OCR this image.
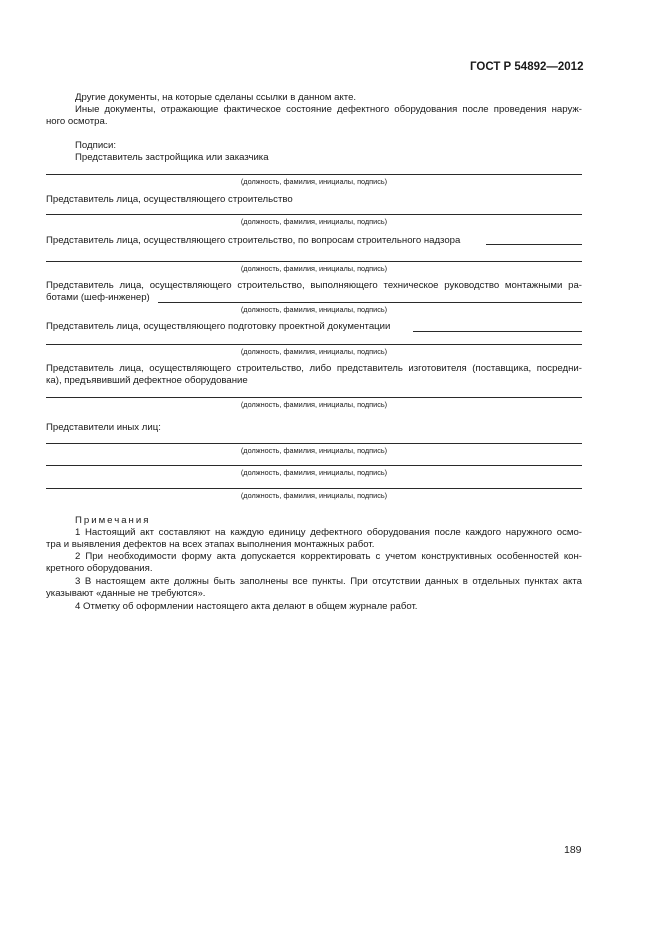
ГОСТ Р 54892—2012
Другие документы, на которые сделаны ссылки в данном акте.
Иные документы, отражающие фактическое состояние дефектного оборудования после проведения наруж-
ного осмотра.
Подписи:
Представитель застройщика или заказчика
(должность, фамилия, инициалы, подпись)
Представитель лица, осуществляющего строительство
(должность, фамилия, инициалы, подпись)
Представитель лица, осуществляющего строительство, по вопросам строительного надзора
(должность, фамилия, инициалы, подпись)
Представитель лица, осуществляющего строительство, выполняющего техническое руководство монтажными ра-
ботами (шеф-инженер)
(должность, фамилия, инициалы, подпись)
Представитель лица, осуществляющего подготовку проектной документации
(должность, фамилия, инициалы, подпись)
Представитель лица, осуществляющего строительство, либо представитель изготовителя (поставщика, посредни-
ка), предъявивший дефектное оборудование
(должность, фамилия, инициалы, подпись)
Представители иных лиц:
(должность, фамилия, инициалы, подпись)
(должность, фамилия, инициалы, подпись)
(должность, фамилия, инициалы, подпись)
Примечания
1 Настоящий акт составляют на каждую единицу дефектного оборудования после каждого наружного осмо-
тра и выявления дефектов на всех этапах выполнения монтажных работ.
2 При необходимости форму акта допускается корректировать с учетом конструктивных особенностей кон-
кретного оборудования.
3 В настоящем акте должны быть заполнены все пункты. При отсутствии данных в отдельных пунктах акта
указывают «данные не требуются».
4 Отметку об оформлении настоящего акта делают в общем журнале работ.
189
